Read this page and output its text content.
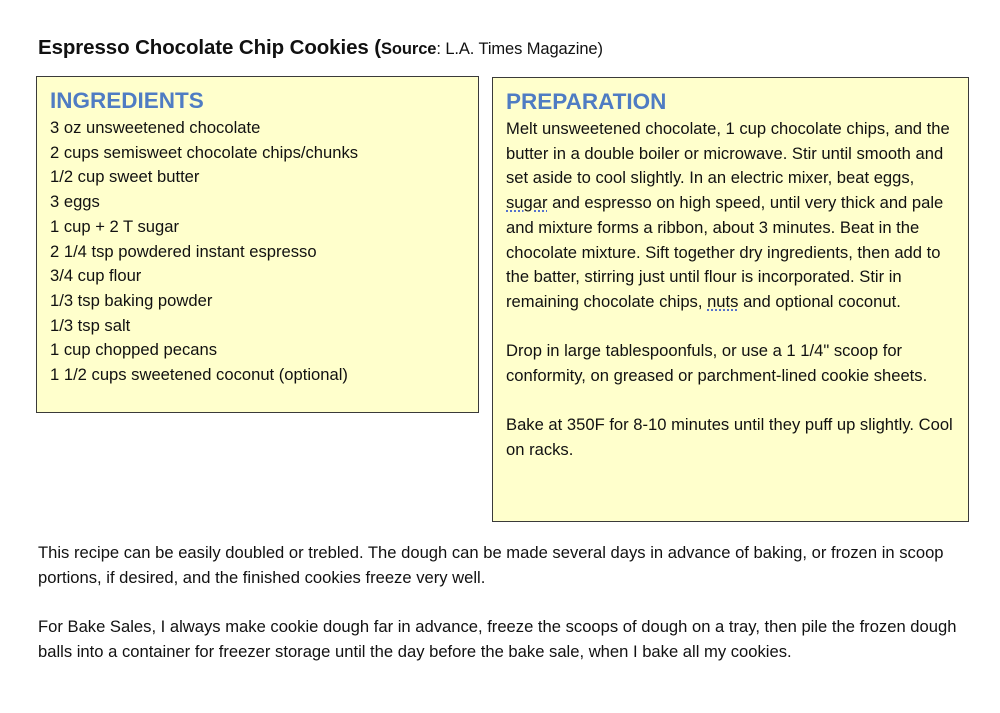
Espresso Chocolate Chip Cookies (Source: L.A. Times Magazine)
INGREDIENTS
3 oz unsweetened chocolate
2 cups semisweet chocolate chips/chunks
1/2 cup sweet butter
3 eggs
1 cup + 2 T sugar
2 1/4 tsp powdered instant espresso
3/4 cup flour
1/3 tsp baking powder
1/3 tsp salt
1 cup chopped pecans
1 1/2 cups sweetened coconut (optional)
PREPARATION

Melt unsweetened chocolate, 1 cup chocolate chips, and the butter in a double boiler or microwave. Stir until smooth and set aside to cool slightly. In an electric mixer, beat eggs, sugar and espresso on high speed, until very thick and pale and mixture forms a ribbon, about 3 minutes. Beat in the chocolate mixture. Sift together dry ingredients, then add to the batter, stirring just until flour is incorporated. Stir in remaining chocolate chips, nuts and optional coconut.

Drop in large tablespoonfuls, or use a 1 1/4" scoop for conformity, on greased or parchment-lined cookie sheets.

Bake at 350F for 8-10 minutes until they puff up slightly. Cool on racks.

This recipe can be easily doubled or trebled. The dough can be made several days in advance of baking, or frozen in scoop portions, if desired, and the finished cookies freeze very well.

For Bake Sales, I always make cookie dough far in advance, freeze the scoops of dough on a tray, then pile the frozen dough balls into a container for freezer storage until the day before the bake sale, when I bake all my cookies.
